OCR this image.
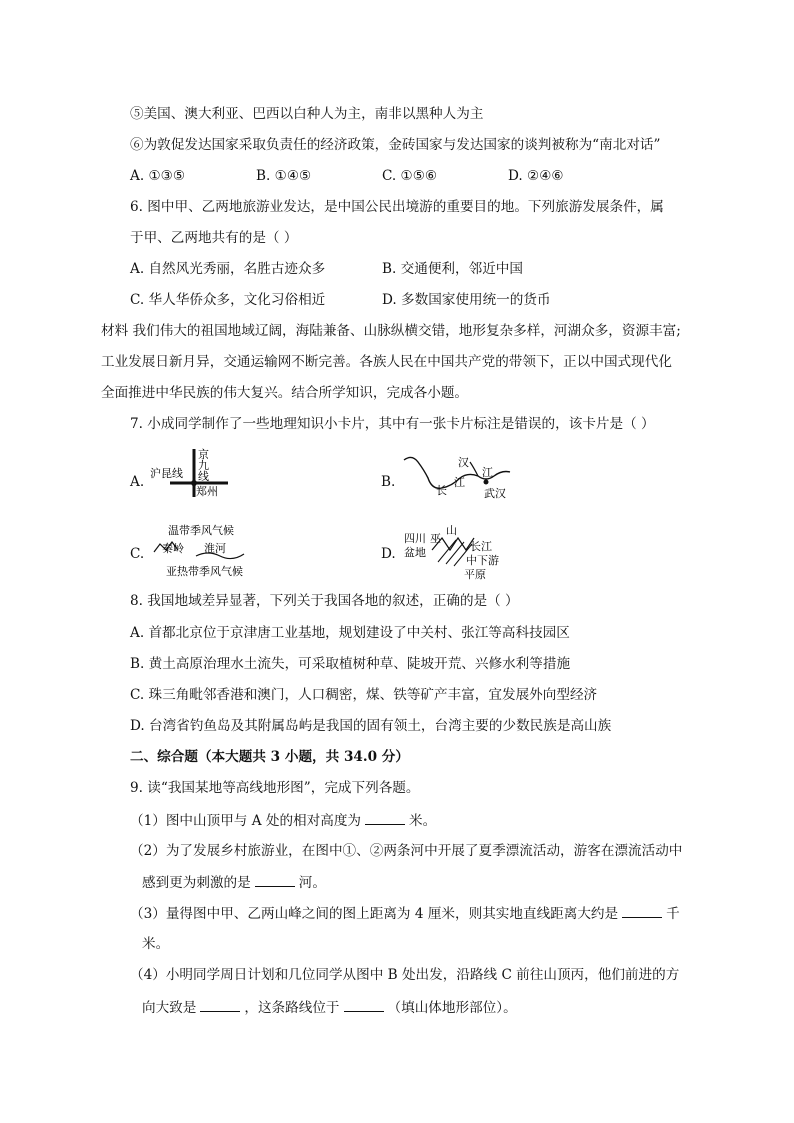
⑤美国、澳大利亚、巴西以白种人为主，南非以黑种人为主
⑥为敦促发达国家采取负责任的经济政策，金砖国家与发达国家的谈判被称为“南北对话”
A. ①③⑤	B. ①④⑤	C. ①⑤⑥	D. ②④⑥
6. 图中甲、乙两地旅游业发达，是中国公民出境游的重要目的地。下列旅游发展条件，属
于甲、乙两地共有的是（ ）
A. 自然风光秀丽，名胜古迹众多	B. 交通便利，邻近中国
C. 华人华侨众多，文化习俗相近	D. 多数国家使用统一的货币
材料 我们伟大的祖国地域辽阔，海陆兼备、山脉纵横交错，地形复杂多样，河湖众多，资源丰富;
工业发展日新月异，交通运输网不断完善。各族人民在中国共产党的带领下，正以中国式现代化
全面推进中华民族的伟大复兴。结合所学知识，完成各小题。
7. 小成同学制作了一些地理知识小卡片，其中有一张卡片标注是错误的，该卡片是（ ）
A.
京
九
线
沪昆线
郑州
B.
汉
江
长
江
武汉
C.
温带季风气候
秦岭 淮河
亚热带季风气候
D.
四川
盆地
巫
山
长江
中下游
平原
8. 我国地域差异显著，下列关于我国各地的叙述，正确的是（ ）
A. 首都北京位于京津唐工业基地，规划建设了中关村、张江等高科技园区
B. 黄土高原治理水土流失，可采取植树种草、陡坡开荒、兴修水利等措施
C. 珠三角毗邻香港和澳门，人口稠密，煤、铁等矿产丰富，宜发展外向型经济
D. 台湾省钓鱼岛及其附属岛屿是我国的固有领土，台湾主要的少数民族是高山族
二、综合题（本大题共 3 小题，共 34.0 分）
9. 读“我国某地等高线地形图”，完成下列各题。
（1）图中山顶甲与 A 处的相对高度为	米。
（2）为了发展乡村旅游业，在图中①、②两条河中开展了夏季漂流活动，游客在漂流活动中
感到更为刺激的是	河。
（3）量得图中甲、乙两山峰之间的图上距离为 4 厘米，则其实地直线距离大约是	千
米。
（4）小明同学周日计划和几位同学从图中 B 处出发，沿路线 C 前往山顶丙，他们前进的方
向大致是	，这条路线位于	（填山体地形部位）。
